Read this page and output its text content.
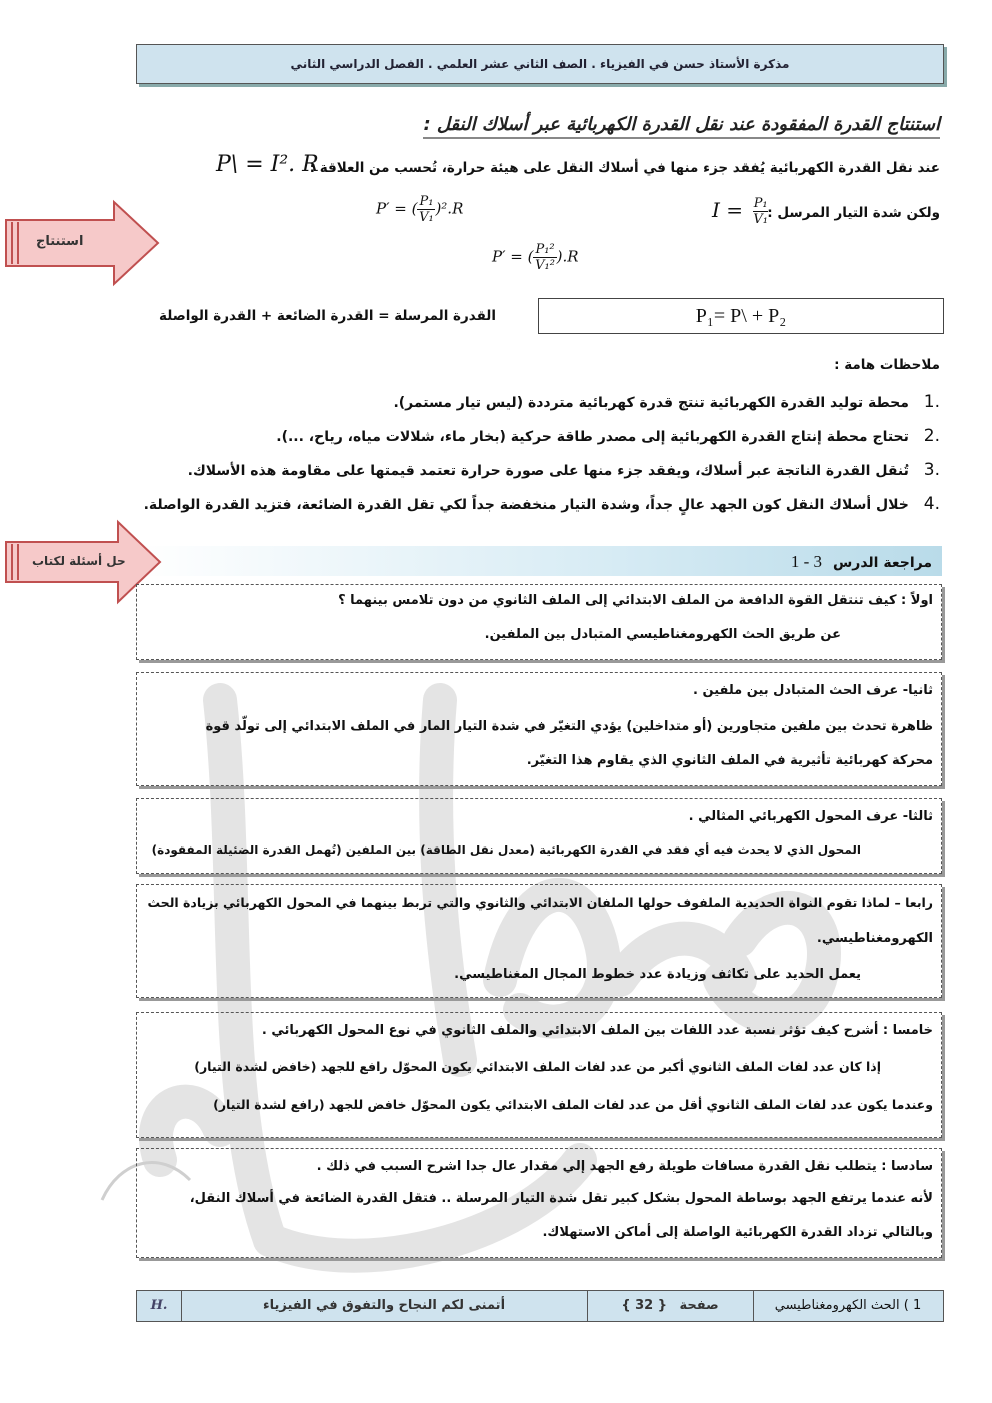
مذكرة الأستاذ حسن في الفيزياء . الصف الثاني عشر العلمي . الفصل الدراسي الثاني
استنتاج القدرة المفقودة عند نقل القدرة الكهربائية عبر أسلاك النقل :
عند نقل القدرة الكهربائية يُفقد جزء منها في أسلاك النقل على هيئة حرارة، تُحسب من العلاقة :
P\ = I². R
ولكن شدة التيار المرسل :
$I = \frac{\text{P₁}}{\text{V₁}}$
P′ = ( $\frac{\text{P₁}}{\text{V₁}} )^2.R$
P′ = ( $\frac{\text{P₁²}}{\text{V₁²}} ).R$
استنتاج
القدرة المرسلة = القدرة الضائعة + القدرة الواصلة	P₁= P\ + P₂
ملاحظات هامة :
.1 محطة توليد القدرة الكهربائية تنتج قدرة كهربائية مترددة (ليس تيار مستمر).
.2 تحتاج محطة إنتاج القدرة الكهربائية إلى مصدر طاقة حركية (بخار ماء، شلالات مياه، رياح، ...).
.3 تُنقل القدرة الناتجة عبر أسلاك، ويفقد جزء منها على صورة حرارة تعتمد قيمتها على مقاومة هذه الأسلاك.
.4 خلال أسلاك النقل كون الجهد عالٍ جداً، وشدة التيار منخفضة جداً لكي تقل القدرة الضائعة، فتزيد القدرة الواصلة.
مراجعة الدرس 1 - 3
حل أسئلة لكتاب
اولاً : كيف تنتقل القوة الدافعة من الملف الابتدائي إلى الملف الثانوي من دون تلامس بينهما ؟
عن طريق الحث الكهرومغناطيسي المتبادل بين الملفين.
ثانيا- عرف الحث المتبادل بين ملفين .
ظاهرة تحدث بين ملفين متجاورين (أو متداخلين) يؤدي التغيّر في شدة التيار المار في الملف الابتدائي إلى تولّد قوة
محركة كهربائية تأثيرية في الملف الثانوي الذي يقاوم هذا التغيّر.
ثالثا- عرف المحول الكهربائي المثالي .
المحول الذي لا يحدث فيه أي فقد في القدرة الكهربائية (معدل نقل الطاقة) بين الملفين (تُهمل القدرة الضئيلة المفقودة)
رابعا – لماذا تقوم النواة الحديدية الملفوف حولها الملفان الابتدائي والثانوي والتي تربط بينهما في المحول الكهربائي بزيادة الحث
الكهرومغناطيسي.
يعمل الحديد على تكاثف وزيادة عدد خطوط المجال المغناطيسي.
خامسا : أشرح كيف تؤثر نسبة عدد اللفات بين الملف الابتدائي والملف الثانوي في نوع المحول الكهربائي .
إذا كان عدد لفات الملف الثانوي أكبر من عدد لفات الملف الابتدائي يكون المحوّل رافع للجهد (خافض لشدة التيار)
وعندما يكون عدد لفات الملف الثانوي أقل من عدد لفات الملف الابتدائي يكون المحوّل خافض للجهد (رافع لشدة التيار)
سادسا : يتطلب نقل القدرة مسافات طويلة رفع الجهد إلي مقدار عال جدا اشرح السبب في ذلك .
لأنه عندما يرتفع الجهد بوساطة المحول بشكل كبير تقل شدة التيار المرسلة .. فتقل القدرة الضائعة في أسلاك النقل،
وبالتالي تزداد القدرة الكهربائية الواصلة إلى أماكن الاستهلاك.
H.	أتمنى لكم النجاح والتفوق في الفيزياء	صفحة { 32 }	1 ) الحث الكهرومغناطيسي
